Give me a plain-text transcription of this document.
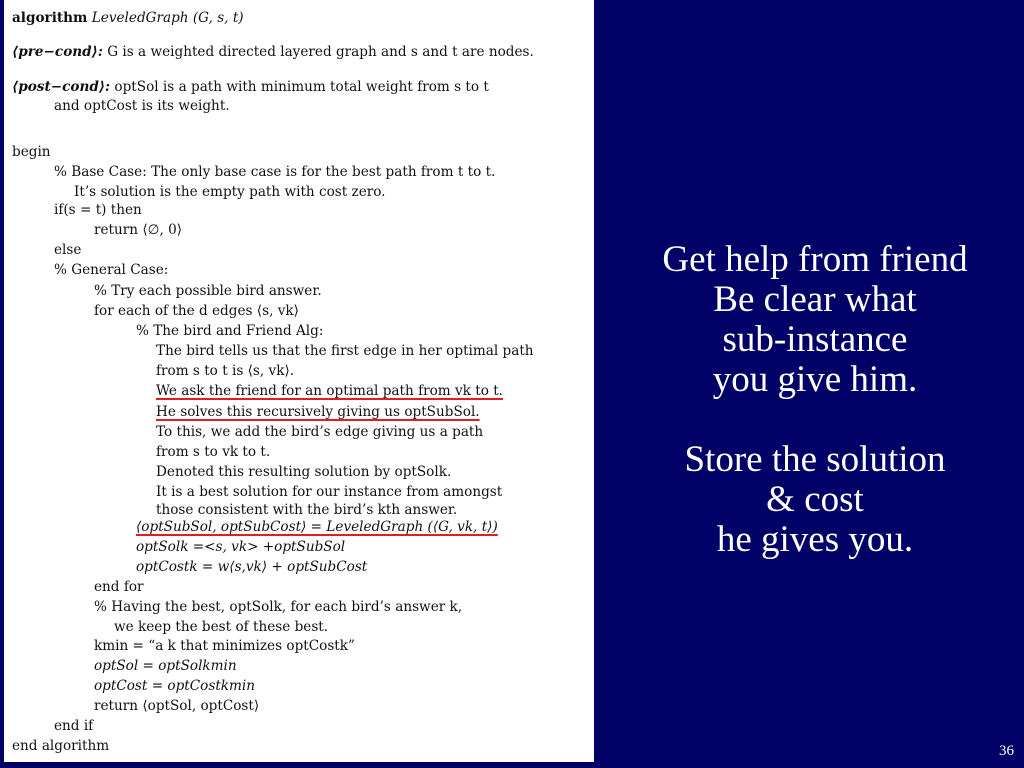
algorithm LeveledGraph (G, s, t)
⟨pre−cond⟩: G is a weighted directed layered graph and s and t are nodes.
⟨post−cond⟩: optSol is a path with minimum total weight from s to t
and optCost is its weight.
begin
% Base Case: The only base case is for the best path from t to t.
It’s solution is the empty path with cost zero.
if(s = t) then
return ⟨∅, 0⟩
else
% General Case:
% Try each possible bird answer.
for each of the d edges ⟨s, vk⟩
% The bird and Friend Alg:
The bird tells us that the first edge in her optimal path
from s to t is ⟨s, vk⟩.
We ask the friend for an optimal path from vk to t.
He solves this recursively giving us optSubSol.
To this, we add the bird’s edge giving us a path
from s to vk to t.
Denoted this resulting solution by optSolk.
It is a best solution for our instance from amongst
those consistent with the bird’s kth answer.
⟨optSubSol, optSubCost⟩ = LeveledGraph (⟨G, vk, t⟩)
optSolk =<s, vk> +optSubSol
optCostk = w⟨s,vk⟩ + optSubCost
end for
% Having the best, optSolk, for each bird’s answer k,
we keep the best of these best.
kmin = “a k that minimizes optCostk”
optSol = optSolkmin
optCost = optCostkmin
return ⟨optSol, optCost⟩
end if
end algorithm
Get help from friend
Be clear what
sub-instance
you give him.
Store the solution
& cost
he gives you.
36
